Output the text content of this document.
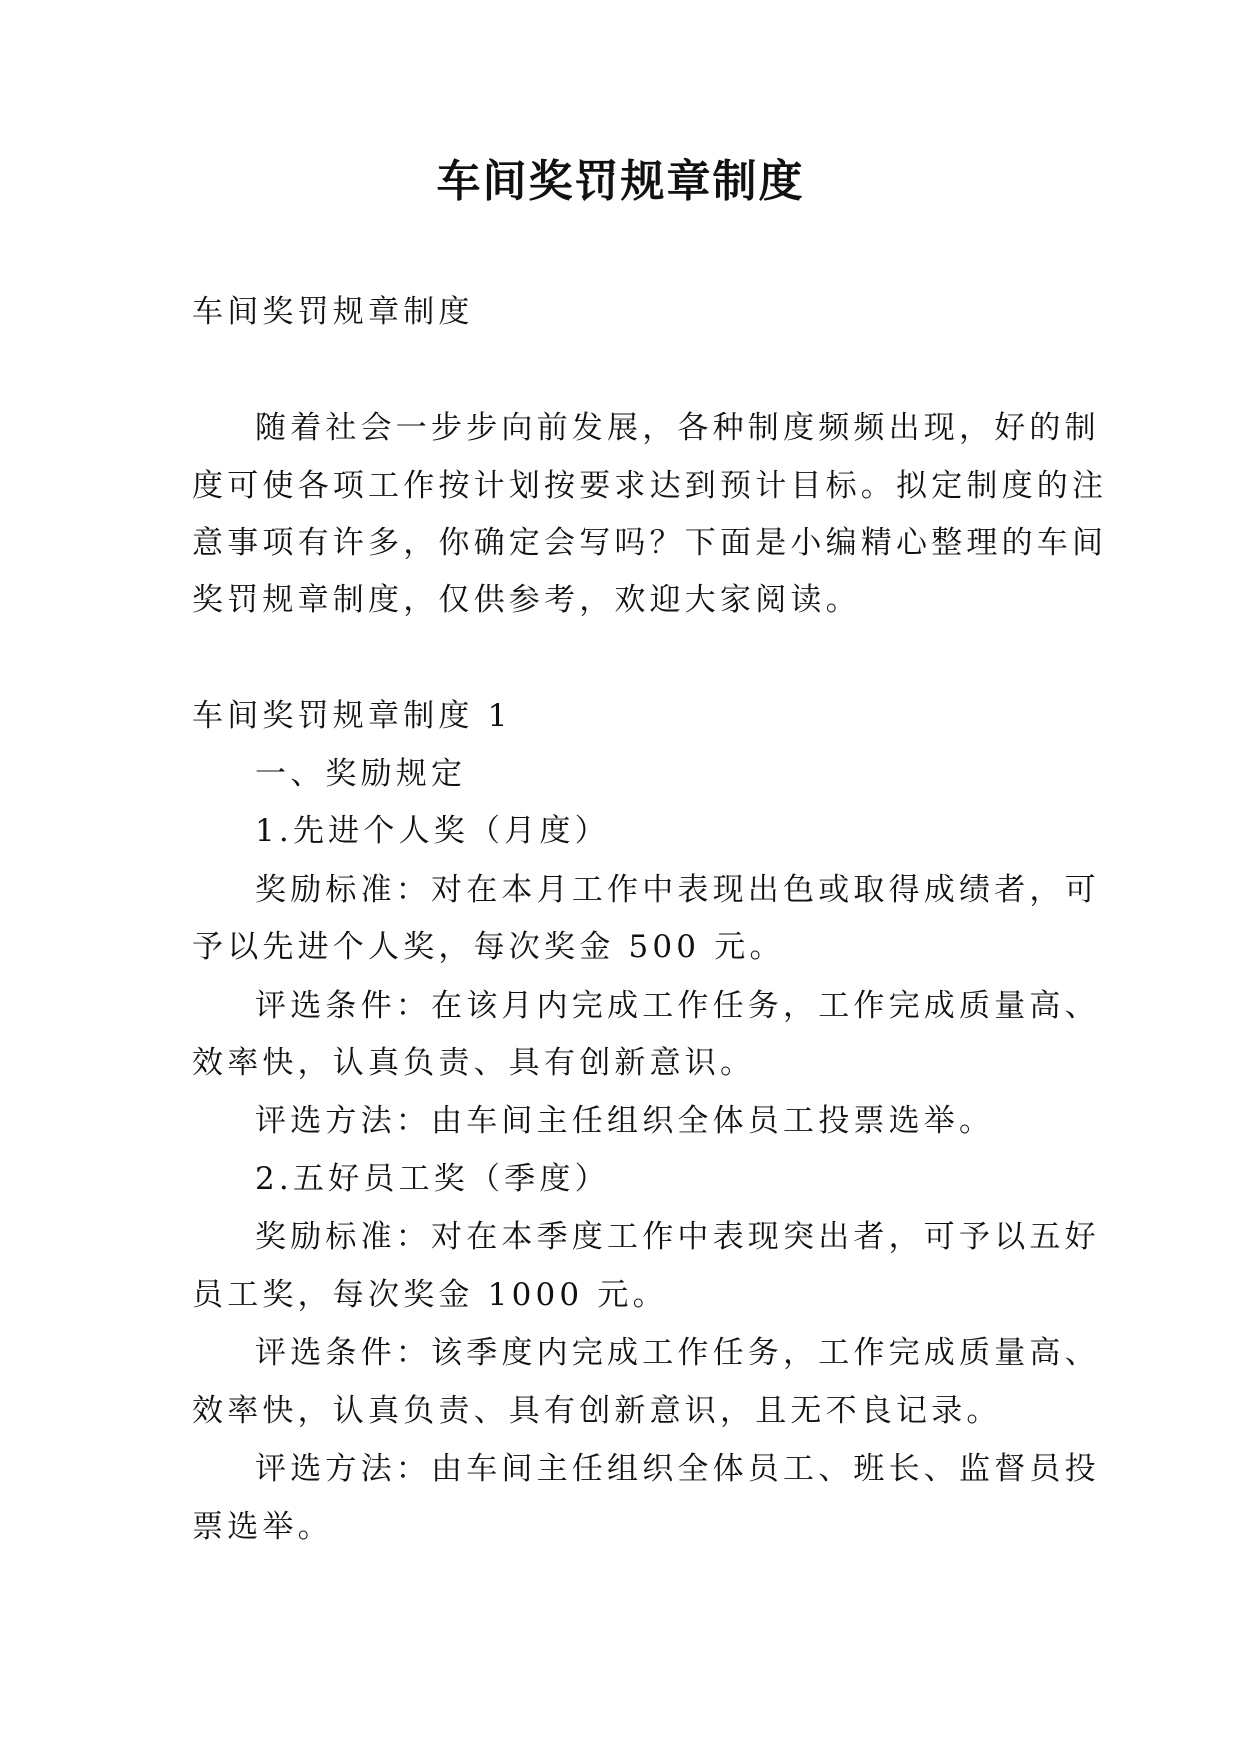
车间奖罚规章制度
车间奖罚规章制度
随着社会一步步向前发展，各种制度频频出现，好的制
度可使各项工作按计划按要求达到预计目标。拟定制度的注
意事项有许多，你确定会写吗？下面是小编精心整理的车间
奖罚规章制度，仅供参考，欢迎大家阅读。
车间奖罚规章制度 1
一、奖励规定
1.先进个人奖（月度）
奖励标准：对在本月工作中表现出色或取得成绩者，可
予以先进个人奖，每次奖金 500 元。
评选条件：在该月内完成工作任务，工作完成质量高、
效率快，认真负责、具有创新意识。
评选方法：由车间主任组织全体员工投票选举。
2.五好员工奖（季度）
奖励标准：对在本季度工作中表现突出者，可予以五好
员工奖，每次奖金 1000 元。
评选条件：该季度内完成工作任务，工作完成质量高、
效率快，认真负责、具有创新意识，且无不良记录。
评选方法：由车间主任组织全体员工、班长、监督员投
票选举。
